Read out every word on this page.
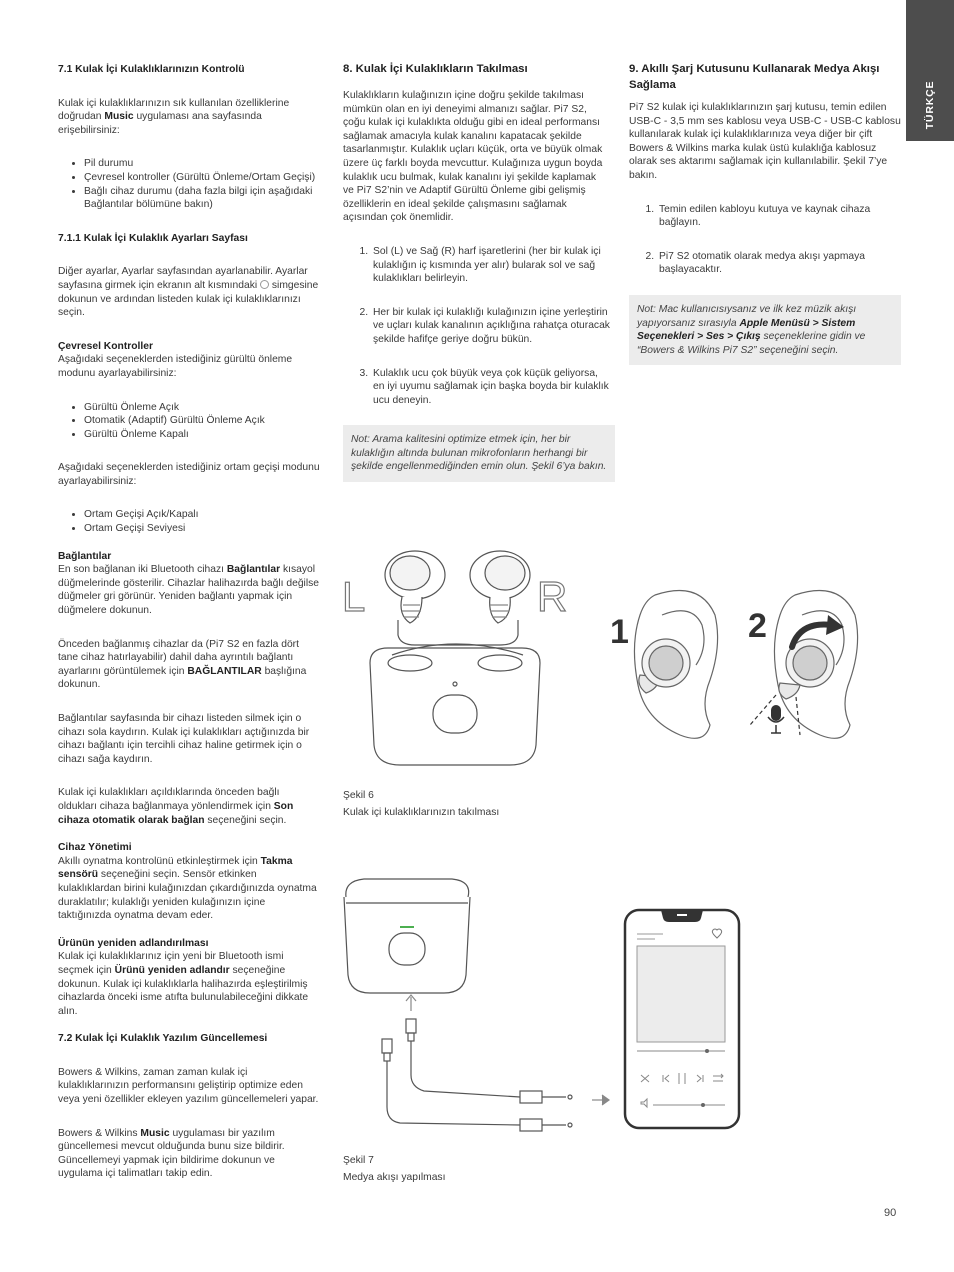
TÜRKÇE

7.1 Kulak İçi Kulaklıklarınızın Kontrolü

Kulak içi kulaklıklarınızın sık kullanılan özelliklerine doğrudan Music uygulaması ana sayfasında erişebilirsiniz:

• Pil durumu
• Çevresel kontroller (Gürültü Önleme/Ortam Geçişi)
• Bağlı cihaz durumu (daha fazla bilgi için aşağıdaki Bağlantılar bölümüne bakın)

7.1.1 Kulak İçi Kulaklık Ayarları Sayfası

Diğer ayarlar, Ayarlar sayfasından ayarlanabilir. Ayarlar sayfasına girmek için ekranın alt kısmındaki  simgesine dokunun ve ardından listeden kulak içi kulaklıklarınızı seçin.

Çevresel Kontroller

Aşağıdaki seçeneklerden istediğiniz gürültü önleme modunu ayarlayabilirsiniz:

• Gürültü Önleme Açık
• Otomatik (Adaptif) Gürültü Önleme Açık
• Gürültü Önleme Kapalı

Aşağıdaki seçeneklerden istediğiniz ortam geçişi modunu ayarlayabilirsiniz:

• Ortam Geçişi Açık/Kapalı
• Ortam Geçişi Seviyesi

Bağlantılar

En son bağlanan iki Bluetooth cihazı Bağlantılar kısayol düğmelerinde gösterilir. Cihazlar halihazırda bağlı değilse düğmeler gri görünür. Yeniden bağlantı yapmak için düğmelere dokunun.

Önceden bağlanmış cihazlar da (Pi7 S2 en fazla dört tane cihaz hatırlayabilir) dahil daha ayrıntılı bağlantı ayarlarını görüntülemek için BAĞLANTILAR başlığına dokunun.

Bağlantılar sayfasında bir cihazı listeden silmek için o cihazı sola kaydırın. Kulak içi kulaklıkları açtığınızda bir cihazı bağlantı için tercihli cihaz haline getirmek için o cihazı sağa kaydırın.

Kulak içi kulaklıkları açıldıklarında önceden bağlı oldukları cihaza bağlanmaya yönlendirmek için Son cihaza otomatik olarak bağlan seçeneğini seçin.

Cihaz Yönetimi

Akıllı oynatma kontrolünü etkinleştirmek için Takma sensörü seçeneğini seçin. Sensör etkinken kulaklıklardan birini kulağınızdan çıkardığınızda oynatma duraklatılır; kulaklığı yeniden kulağınızın içine taktığınızda oynatma devam eder.

Ürünün yeniden adlandırılması

Kulak içi kulaklıklarınız için yeni bir Bluetooth ismi seçmek için Ürünü yeniden adlandır seçeneğine dokunun. Kulak içi kulaklıklarla halihazırda eşleştirilmiş cihazlarda önceki isme atıfta bulunulabileceğini dikkate alın.

7.2 Kulak İçi Kulaklık Yazılım Güncellemesi

Bowers & Wilkins, zaman zaman kulak içi kulaklıklarınızın performansını geliştirip optimize eden veya yeni özellikler ekleyen yazılım güncellemeleri yapar.

Bowers & Wilkins Music uygulaması bir yazılım güncellemesi mevcut olduğunda bunu size bildirir. Güncellemeyi yapmak için bildirime dokunun ve uygulama içi talimatları takip edin.

8. Kulak İçi Kulaklıkların Takılması

Kulaklıkların kulağınızın içine doğru şekilde takılması mümkün olan en iyi deneyimi almanızı sağlar. Pi7 S2, çoğu kulak içi kulaklıkta olduğu gibi en ideal performansı sağlamak amacıyla kulak kanalını kapatacak şekilde tasarlanmıştır. Kulaklık uçları küçük, orta ve büyük olmak üzere üç farklı boyda mevcuttur. Kulağınıza uygun boyda kulaklık ucu bulmak, kulak kanalını iyi şekilde kaplamak ve Pi7 S2’nin ve Adaptif Gürültü Önleme gibi gelişmiş özelliklerin en ideal şekilde çalışmasını sağlamak açısından çok önemlidir.

1. Sol (L) ve Sağ (R) harf işaretlerini (her bir kulak içi kulaklığın iç kısmında yer alır) bularak sol ve sağ kulaklıkları belirleyin.
2. Her bir kulak içi kulaklığı kulağınızın içine yerleştirin ve uçları kulak kanalının açıklığına rahatça oturacak şekilde hafifçe geriye doğru bükün.
3. Kulaklık ucu çok büyük veya çok küçük geliyorsa, en iyi uyumu sağlamak için başka boyda bir kulaklık ucu deneyin.
Not: Arama kalitesini optimize etmek için, her bir kulaklığın altında bulunan mikrofonların herhangi bir şekilde engellenmediğinden emin olun. Şekil 6’ya bakın.

9. Akıllı Şarj Kutusunu Kullanarak Medya Akışı Sağlama

Pi7 S2 kulak içi kulaklıklarınızın şarj kutusu, temin edilen USB-C - 3,5 mm ses kablosu veya USB-C - USB-C kablosu kullanılarak kulak içi kulaklıklarınıza veya diğer bir çift Bowers & Wilkins marka kulak üstü kulaklığa kablosuz olarak ses aktarımı sağlamak için kullanılabilir. Şekil 7’ye bakın.

1. Temin edilen kabloyu kutuya ve kaynak cihaza bağlayın.
2. Pi7 S2 otomatik olarak medya akışı yapmaya başlayacaktır.
Not: Mac kullanıcısıysanız ve ilk kez müzik akışı yapıyorsanız sırasıyla Apple Menüsü > Sistem Seçenekleri > Ses > Çıkış seçeneklerine gidin ve “Bowers & Wilkins Pi7 S2” seçeneğini seçin.
L	R
1	2
Şekil 6
Kulak içi kulaklıklarınızın takılması
Şekil 7
Medya akışı yapılması
90
